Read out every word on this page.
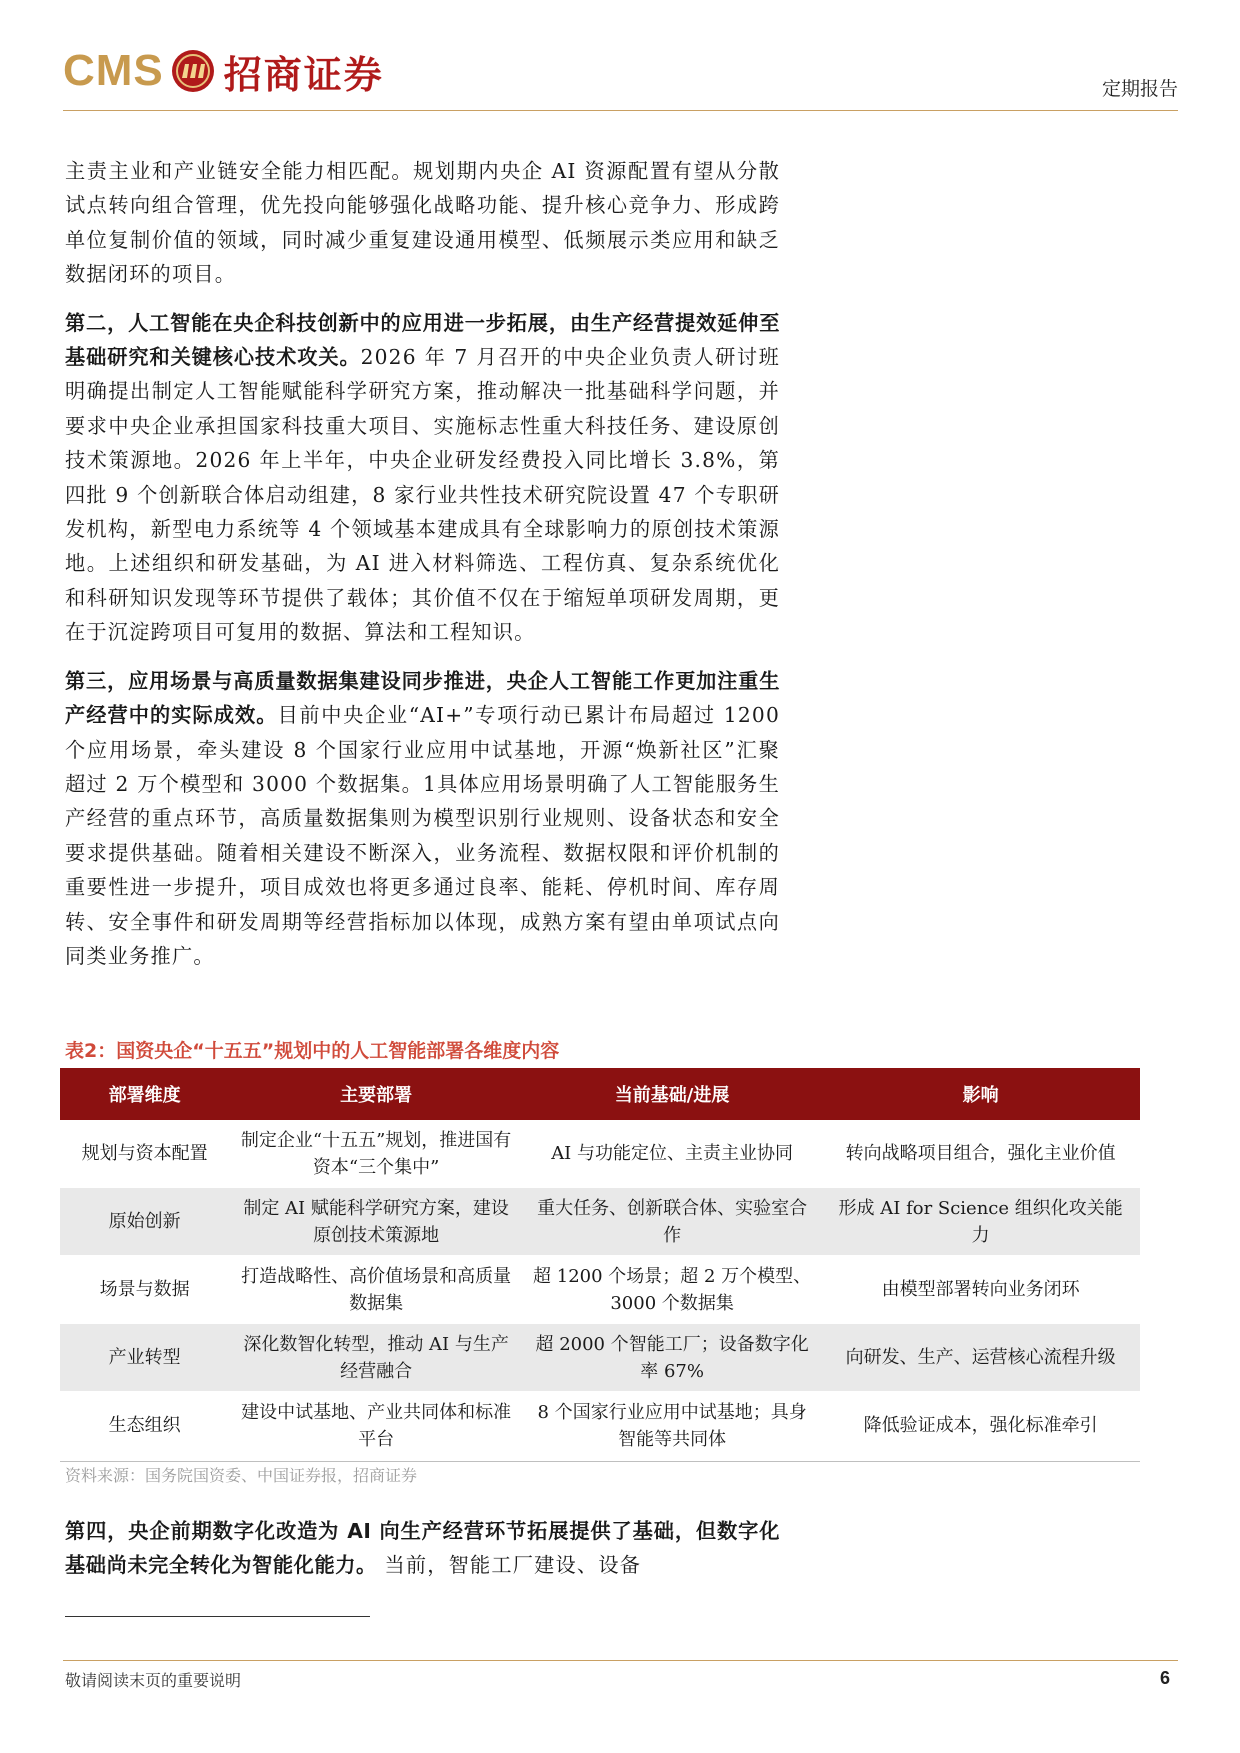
CMS 招商证券	定期报告

主责主业和产业链安全能力相匹配。规划期内央企 AI 资源配置有望从分散试点转向组合管理，优先投向能够强化战略功能、提升核心竞争力、形成跨单位复制价值的领域，同时减少重复建设通用模型、低频展示类应用和缺乏数据闭环的项目。

第二，人工智能在央企科技创新中的应用进一步拓展，由生产经营提效延伸至基础研究和关键核心技术攻关。2026 年 7 月召开的中央企业负责人研讨班明确提出制定人工智能赋能科学研究方案，推动解决一批基础科学问题，并要求中央企业承担国家科技重大项目、实施标志性重大科技任务、建设原创技术策源地。2026 年上半年，中央企业研发经费投入同比增长 3.8%，第四批 9 个创新联合体启动组建，8 家行业共性技术研究院设置 47 个专职研发机构，新型电力系统等 4 个领域基本建成具有全球影响力的原创技术策源地。上述组织和研发基础，为 AI 进入材料筛选、工程仿真、复杂系统优化和科研知识发现等环节提供了载体；其价值不仅在于缩短单项研发周期，更在于沉淀跨项目可复用的数据、算法和工程知识。

第三，应用场景与高质量数据集建设同步推进，央企人工智能工作更加注重生产经营中的实际成效。目前中央企业“AI+”专项行动已累计布局超过 1200 个应用场景，牵头建设 8 个国家行业应用中试基地，开源“焕新社区”汇聚超过 2 万个模型和 3000 个数据集。1具体应用场景明确了人工智能服务生产经营的重点环节，高质量数据集则为模型识别行业规则、设备状态和安全要求提供基础。随着相关建设不断深入，业务流程、数据权限和评价机制的重要性进一步提升，项目成效也将更多通过良率、能耗、停机时间、库存周转、安全事件和研发周期等经营指标加以体现，成熟方案有望由单项试点向同类业务推广。

表2：国资央企“十五五”规划中的人工智能部署各维度内容
部署维度	主要部署	当前基础/进展	影响
规划与资本配置	制定企业“十五五”规划，推进国有资本“三个集中”	AI 与功能定位、主责主业协同	转向战略项目组合，强化主业价值
原始创新	制定 AI 赋能科学研究方案，建设原创技术策源地	重大任务、创新联合体、实验室合作	形成 AI for Science 组织化攻关能力
场景与数据	打造战略性、高价值场景和高质量数据集	超 1200 个场景；超 2 万个模型、3000 个数据集	由模型部署转向业务闭环
产业转型	深化数智化转型，推动 AI 与生产经营融合	超 2000 个智能工厂；设备数字化率 67%	向研发、生产、运营核心流程升级
生态组织	建设中试基地、产业共同体和标准平台	8 个国家行业应用中试基地；具身智能等共同体	降低验证成本，强化标准牵引
资料来源：国务院国资委、中国证券报，招商证券

第四，央企前期数字化改造为 AI 向生产经营环节拓展提供了基础，但数字化基础尚未完全转化为智能化能力。 当前，智能工厂建设、设备

敬请阅读末页的重要说明	6
